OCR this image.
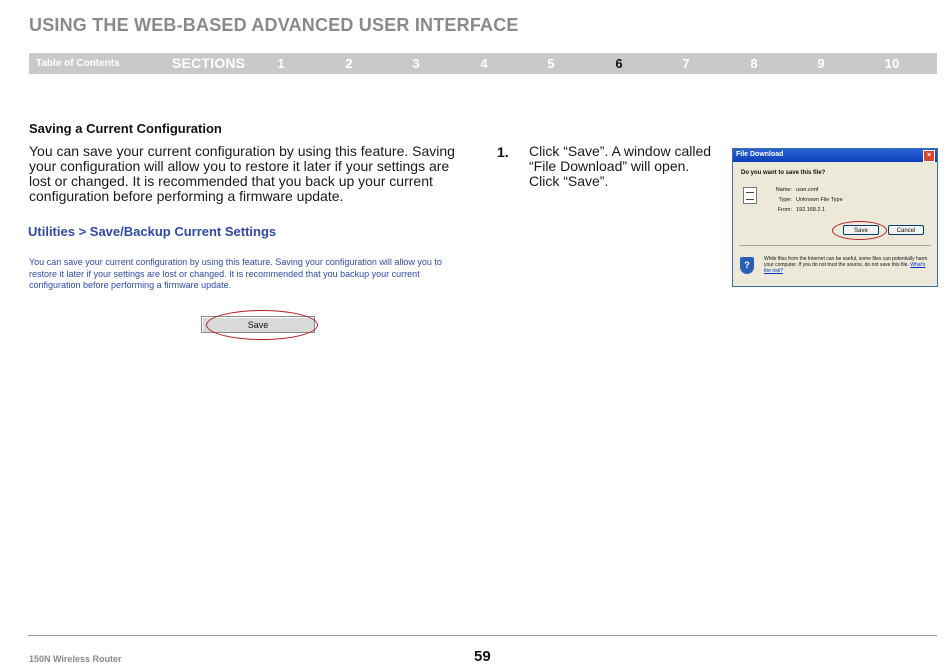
USING THE WEB-BASED ADVANCED USER INTERFACE
Table of Contents	SECTIONS	1	2	3	4	5	6	7	8	9	10
Saving a Current Configuration
You can save your current configuration by using this feature. Saving your configuration will allow you to restore it later if your settings are lost or changed. It is recommended that you back up your current configuration before performing a firmware update.
Utilities > Save/Backup Current Settings
You can save your current configuration by using this feature. Saving your configuration will allow you to restore it later if your settings are lost or changed. It is recommended that you backup your current configuration before performing a firmware update.
Save
1. Click “Save”. A window called “File Download” will open. Click “Save”.
File Download	×
Do you want to save this file?
Name: user.conf
Type: Unknown File Type
From: 192.168.2.1
Save	Cancel
?
While files from the Internet can be useful, some files can potentially harm your computer. If you do not trust the source, do not save this file. What's the risk?
150N Wireless Router	59
